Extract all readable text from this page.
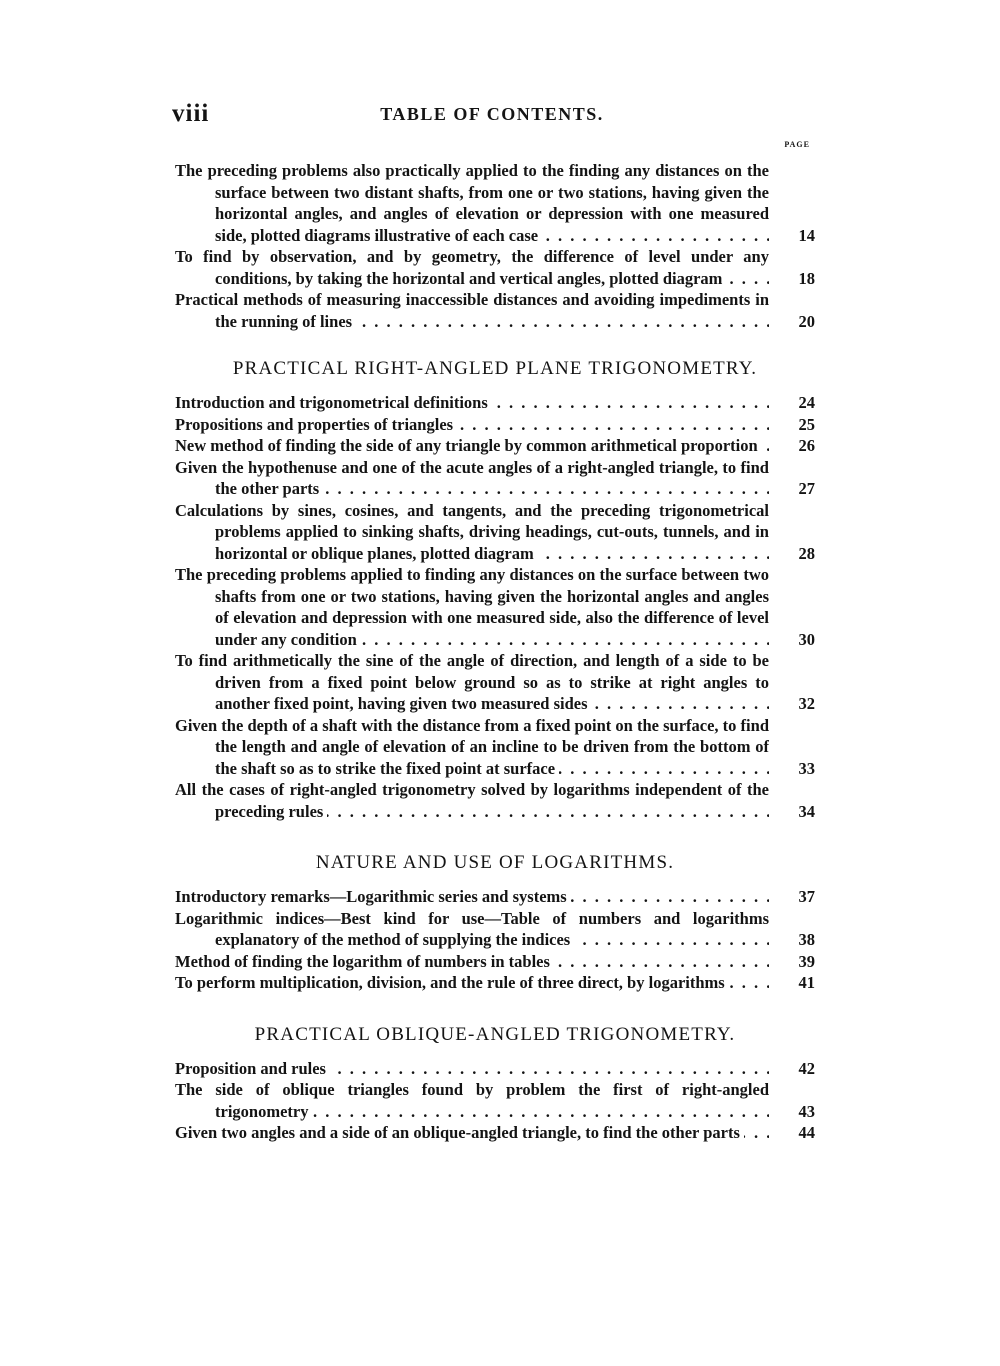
viii	TABLE OF CONTENTS.
PAGE
The preceding problems also practically applied to the finding any distances on the surface between two distant shafts, from one or two stations, having given the horizontal angles, and angles of elevation or depression with one measured side, plotted diagrams illustrative of each case . . .	14
To find by observation, and by geometry, the difference of level under any conditions, by taking the horizontal and vertical angles, plotted diagram . . .	18
Practical methods of measuring inaccessible distances and avoiding impediments in the running of lines . . .	20
PRACTICAL RIGHT-ANGLED PLANE TRIGONOMETRY.
Introduction and trigonometrical definitions . . .	24
Propositions and properties of triangles . . .	25
New method of finding the side of any triangle by common arithmetical proportion . . .	26
Given the hypothenuse and one of the acute angles of a right-angled triangle, to find the other parts . . .	27
Calculations by sines, cosines, and tangents, and the preceding trigonometrical problems applied to sinking shafts, driving headings, cut-outs, tunnels, and in horizontal or oblique planes, plotted diagram . . .	28
The preceding problems applied to finding any distances on the surface between two shafts from one or two stations, having given the horizontal angles and angles of elevation and depression with one measured side, also the difference of level under any condition . . .	30
To find arithmetically the sine of the angle of direction, and length of a side to be driven from a fixed point below ground so as to strike at right angles to another fixed point, having given two measured sides . . .	32
Given the depth of a shaft with the distance from a fixed point on the surface, to find the length and angle of elevation of an incline to be driven from the bottom of the shaft so as to strike the fixed point at surface . . .	33
All the cases of right-angled trigonometry solved by logarithms independent of the preceding rules . . .	34
NATURE AND USE OF LOGARITHMS.
Introductory remarks—Logarithmic series and systems . . .	37
Logarithmic indices—Best kind for use—Table of numbers and logarithms explanatory of the method of supplying the indices . . .	38
Method of finding the logarithm of numbers in tables . . .	39
To perform multiplication, division, and the rule of three direct, by logarithms . . .	41
PRACTICAL OBLIQUE-ANGLED TRIGONOMETRY.
Proposition and rules . . .	42
The side of oblique triangles found by problem the first of right-angled trigonometry . . .	43
Given two angles and a side of an oblique-angled triangle, to find the other parts . . .	44
